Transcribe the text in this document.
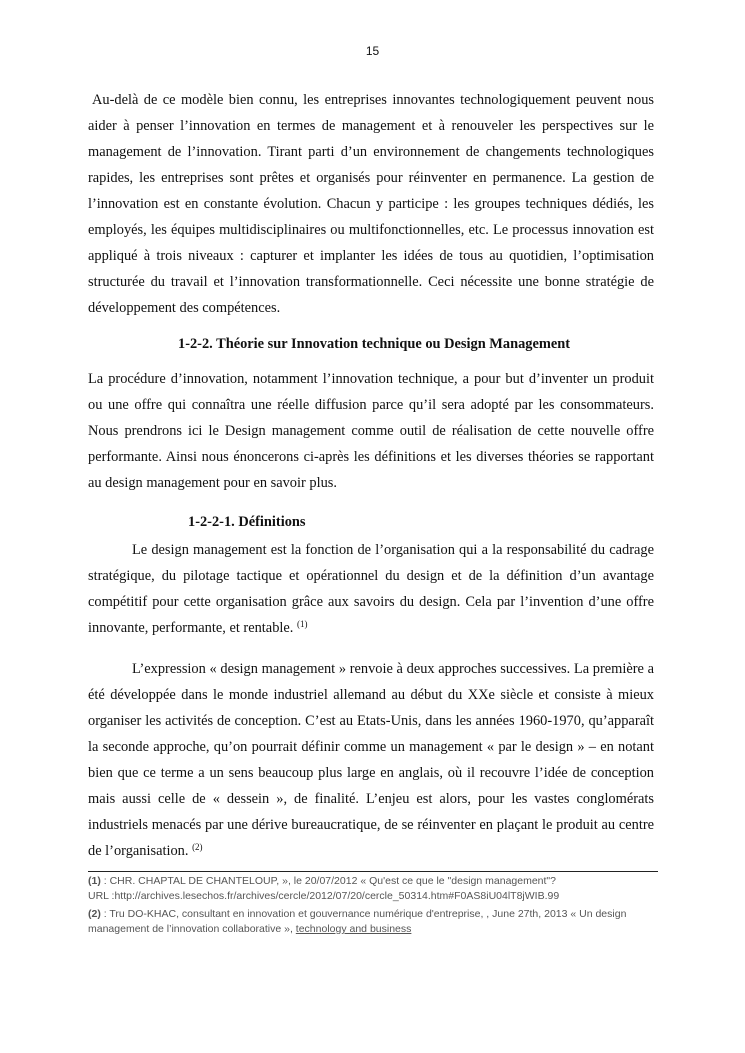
15

Au-delà de ce modèle bien connu, les entreprises innovantes technologiquement peuvent nous aider à penser l’innovation en termes de management et à renouveler les perspectives sur le management de l’innovation. Tirant parti d’un environnement de changements technologiques rapides, les entreprises sont prêtes et organisés pour réinventer en permanence. La gestion de l’innovation est en constante évolution. Chacun y participe : les groupes techniques dédiés, les employés, les équipes multidisciplinaires ou multifonctionnelles, etc. Le processus innovation est appliqué à trois niveaux : capturer et implanter les idées de tous au quotidien, l’optimisation structurée du travail et l’innovation transformationnelle. Ceci nécessite une bonne stratégie de développement des compétences.

1-2-2. Théorie sur Innovation technique ou Design Management

La procédure d’innovation, notamment l’innovation technique, a pour but d’inventer un produit ou une offre qui connaîtra une réelle diffusion parce qu’il sera adopté par les consommateurs. Nous prendrons ici le Design management comme outil de réalisation de cette nouvelle offre performante. Ainsi nous énoncerons ci-après les définitions et les diverses théories se rapportant au design management pour en savoir plus.

1-2-2-1. Définitions

Le design management est la fonction de l’organisation qui a la responsabilité du cadrage stratégique, du pilotage tactique et opérationnel du design et de la définition d’un avantage compétitif pour cette organisation grâce aux savoirs du design. Cela par l’invention d’une offre innovante, performante, et rentable. $^{(1)}$

L’expression « design management » renvoie à deux approches successives. La première a été développée dans le monde industriel allemand au début du XXe siècle et consiste à mieux organiser les activités de conception. C’est au Etats-Unis, dans les années 1960-1970, qu’apparaît la seconde approche, qu’on pourrait définir comme un management « par le design » – en notant bien que ce terme a un sens beaucoup plus large en anglais, où il recouvre l’idée de conception mais aussi celle de « dessein », de finalité. L’enjeu est alors, pour les vastes conglomérats industriels menacés par une dérive bureaucratique, de se réinventer en plaçant le produit au centre de l’organisation. $^{(2)}$

(1) : CHR. CHAPTAL DE CHANTELOUP, », le 20/07/2012 « Qu'est ce que le "design management"?

URL :http://archives.lesechos.fr/archives/cercle/2012/07/20/cercle_50314.htm#F0AS8iU04lT8jWIB.99

(2) : Tru DO-KHAC, consultant en innovation et gouvernance numérique d'entreprise, , June 27th, 2013 « Un design management de l’innovation collaborative », technology and business
